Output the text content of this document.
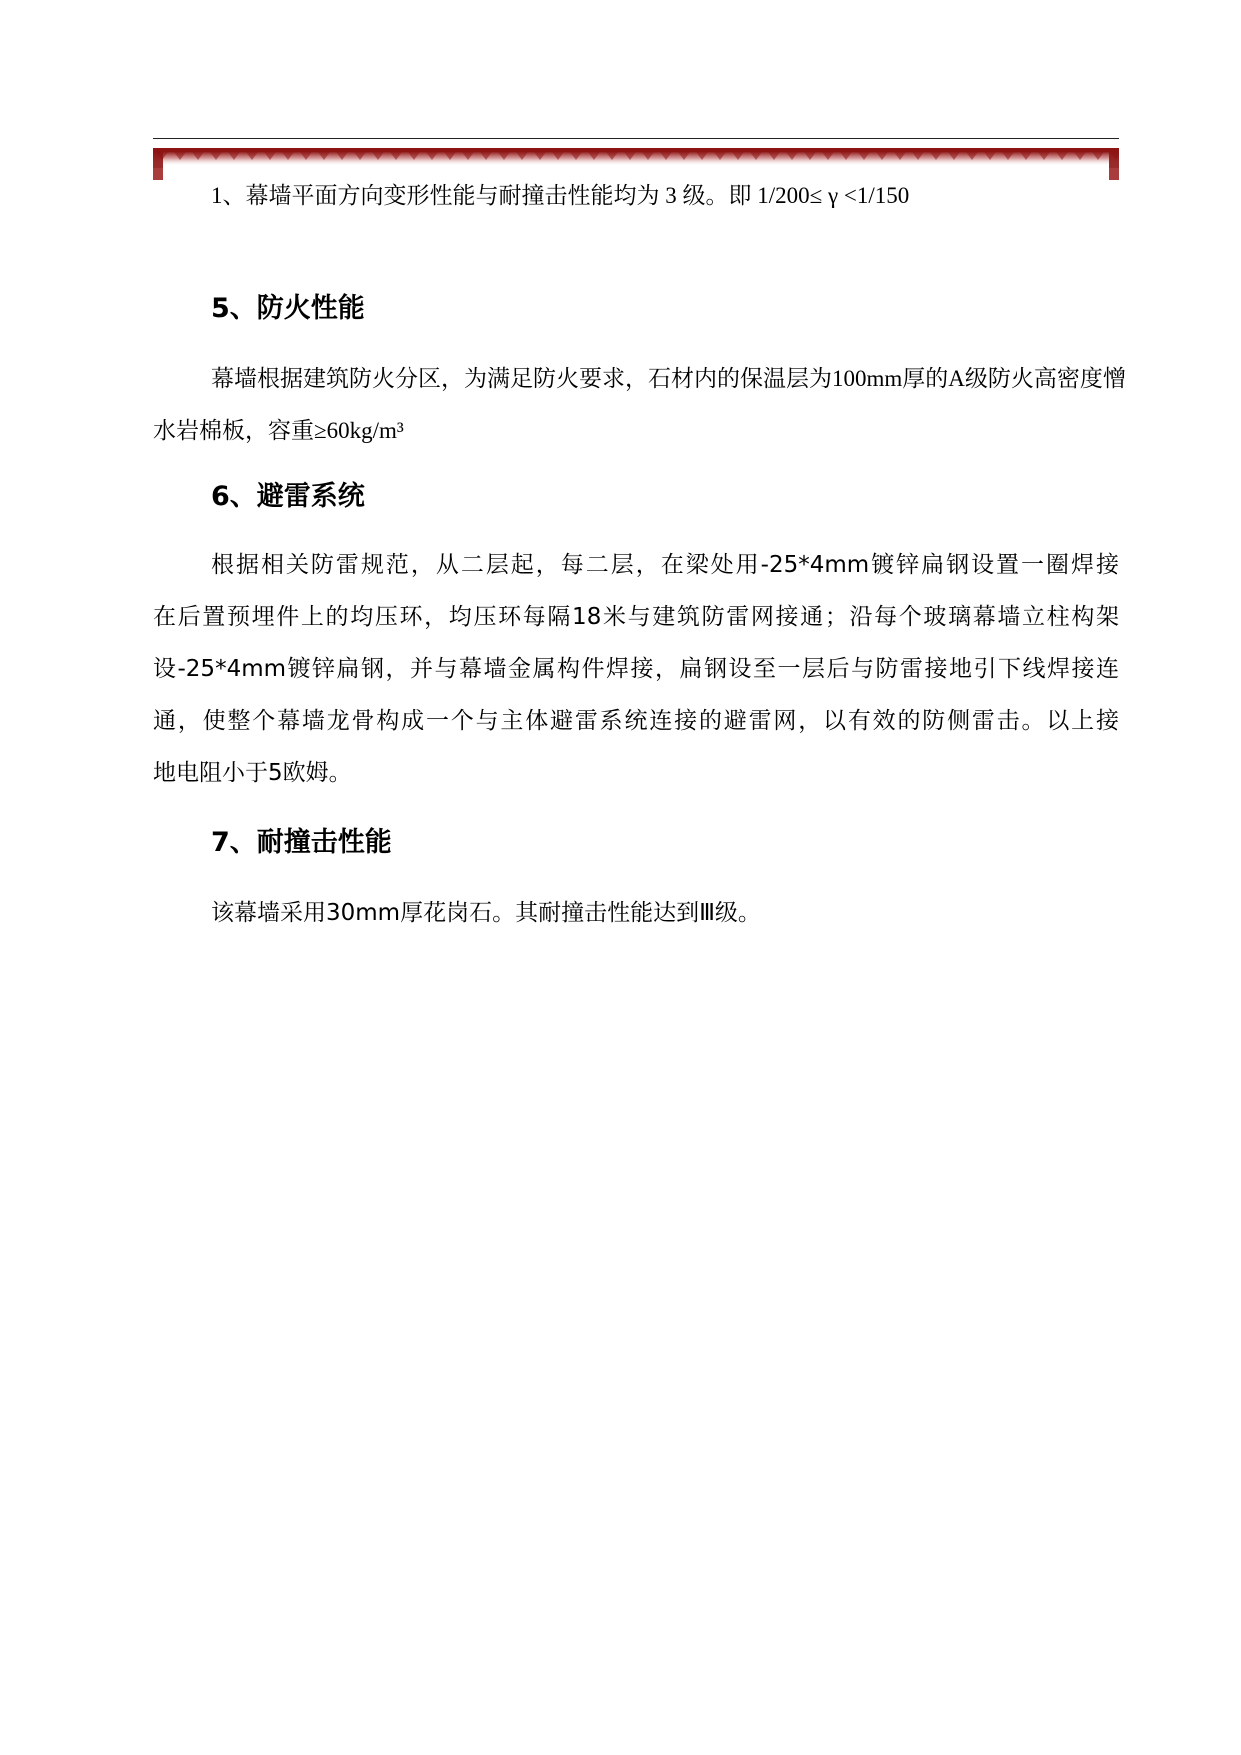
1、幕墙平面方向变形性能与耐撞击性能均为 3 级。即 1/200≤ γ <1/150
5、防火性能
幕墙根据建筑防火分区，为满足防火要求，石材内的保温层为100mm厚的A级防火高密度憎
水岩棉板，容重≥60kg/m³
6、避雷系统
根据相关防雷规范，从二层起，每二层，在梁处用-25*4mm镀锌扁钢设置一圈焊接
在后置预埋件上的均压环，均压环每隔18米与建筑防雷网接通；沿每个玻璃幕墙立柱构架
设-25*4mm镀锌扁钢，并与幕墙金属构件焊接，扁钢设至一层后与防雷接地引下线焊接连
通，使整个幕墙龙骨构成一个与主体避雷系统连接的避雷网，以有效的防侧雷击。以上接
地电阻小于5欧姆。
7、耐撞击性能
该幕墙采用30mm厚花岗石。其耐撞击性能达到Ⅲ级。
